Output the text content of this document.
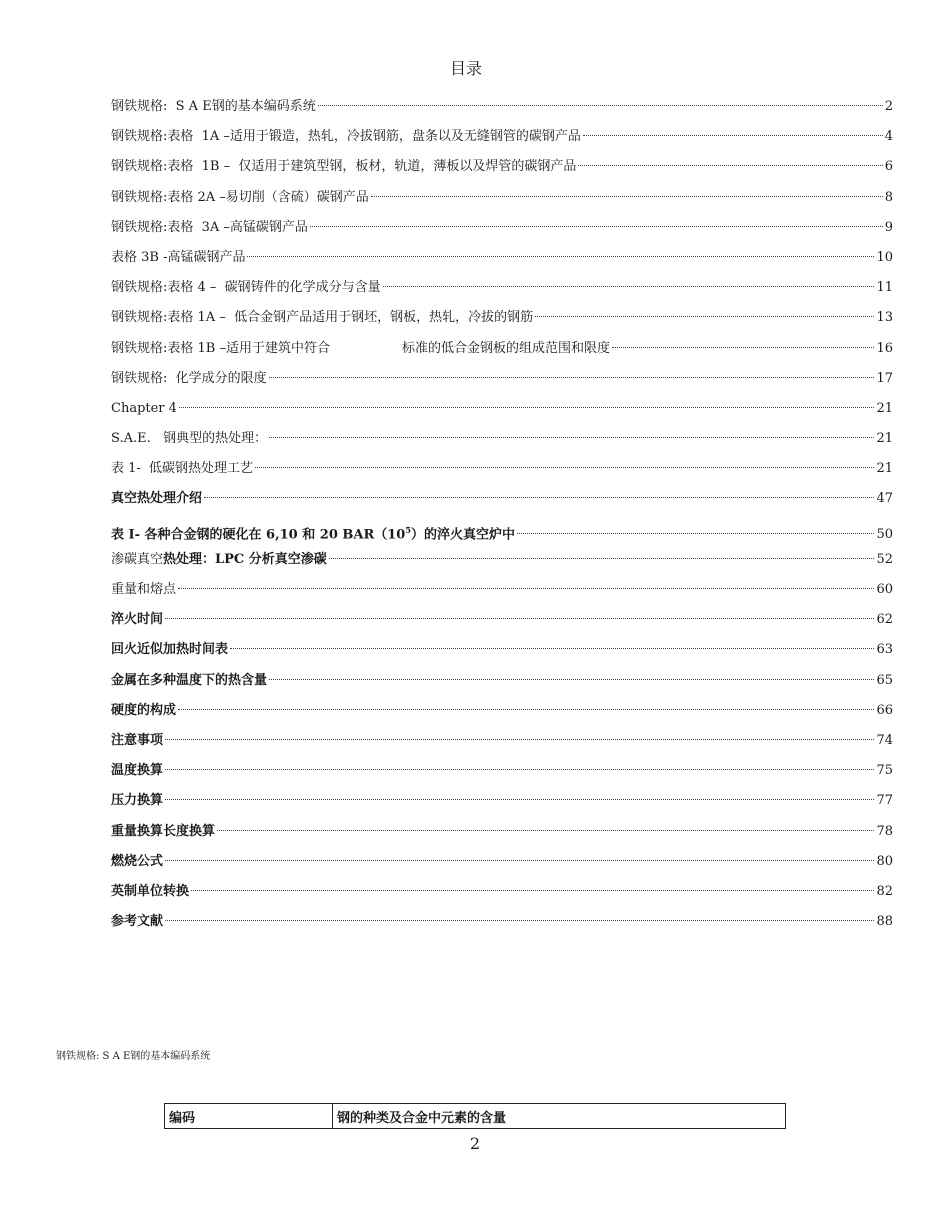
目录
钢铁规格:  S A E钢的基本编码系统	2
钢铁规格:表格  1A –适用于锻造，热轧，冷拔钢筋，盘条以及无缝钢管的碳钢产品	4
钢铁规格:表格  1B –  仅适用于建筑型钢，板材，轨道，薄板以及焊管的碳钢产品	6
钢铁规格:表格 2A –易切削（含硫）碳钢产品	8
钢铁规格:表格  3A –高锰碳钢产品	9
表格 3B -高锰碳钢产品	10
钢铁规格:表格 4 –  碳钢铸件的化学成分与含量	11
钢铁规格:表格 1A –  低合金钢产品适用于钢坯，钢板，热轧，冷拔的钢筋	13
钢铁规格:表格 1B –适用于建筑中符合	标准的低合金钢板的组成范围和限度	16
钢铁规格:  化学成分的限度	17
Chapter 4	21
S.A.E.   钢典型的热处理：	21
表 1-  低碳钢热处理工艺	21
真空热处理介绍	47
表 Ⅰ- 各种合金钢的硬化在 6,10 和 20 $BAR(10^5)$的淬火真空炉中	50
渗碳真空热处理：LPC 分析真空渗碳	52
重量和熔点	60
淬火时间	62
回火近似加热时间表	63
金属在多种温度下的热含量	65
硬度的构成	66
注意事项	74
温度换算	75
压力换算	77
重量换算长度换算	78
燃烧公式	80
英制单位转换	82
参考文献	88
钢铁规格: S A E钢的基本编码系统
编码	钢的种类及合金中元素的含量
2
